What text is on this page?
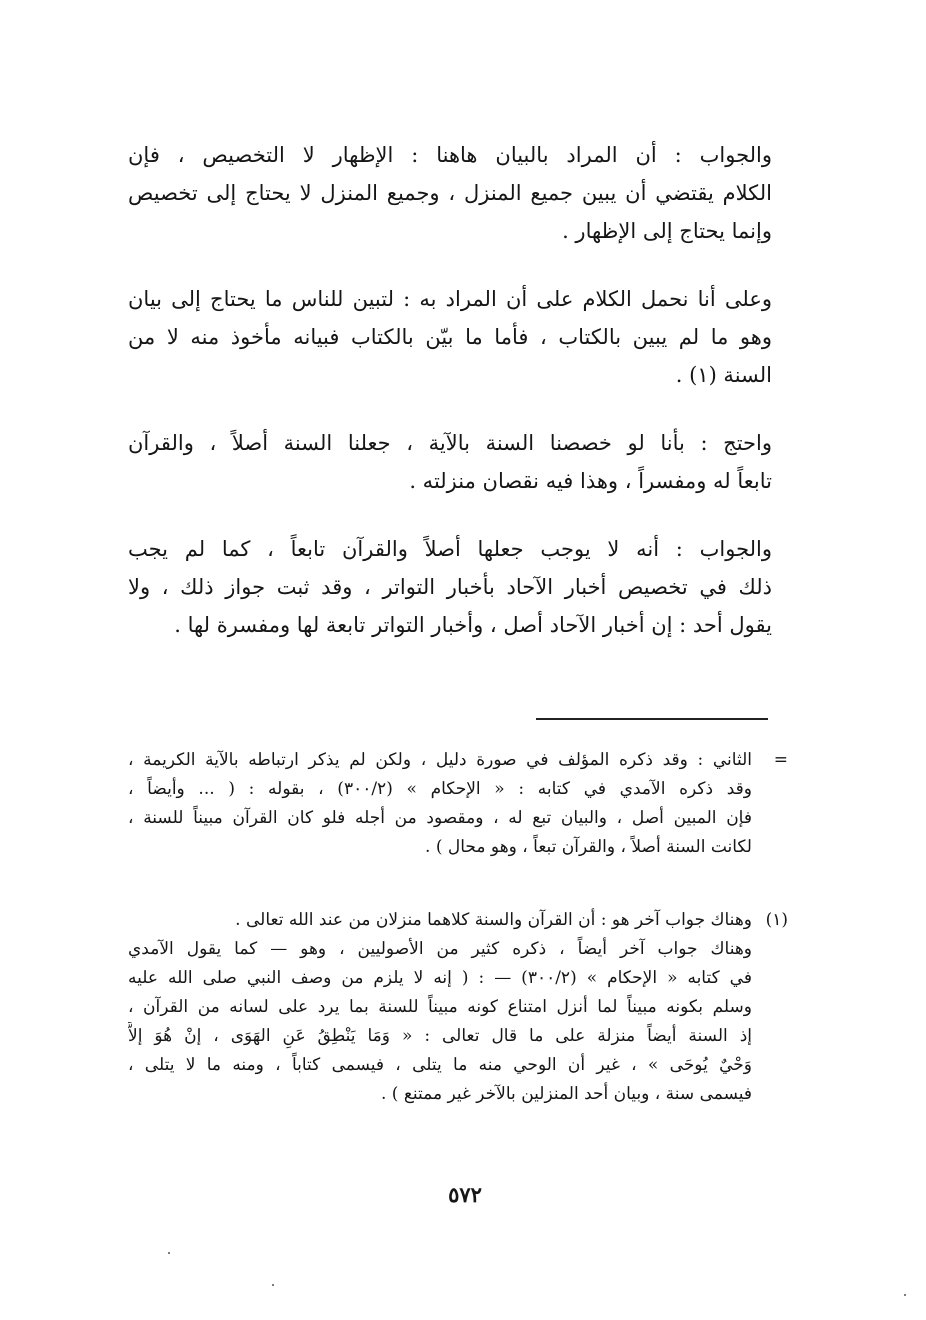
والجواب : أن المراد بالبيان هاهنا : الإظهار لا التخصيص ، فإن
الكلام يقتضي أن يبين جميع المنزل ، وجميع المنزل لا يحتاج إلى تخصيص
وإنما يحتاج إلى الإظهار .
وعلى أنا نحمل الكلام على أن المراد به : لتبين للناس ما يحتاج إلى بيان
وهو ما لم يبين بالكتاب ، فأما ما بيّن بالكتاب فبيانه مأخوذ منه لا من
السنة (١) .
واحتج : بأنا لو خصصنا السنة بالآية ، جعلنا السنة أصلاً ، والقرآن
تابعاً له ومفسراً ، وهذا فيه نقصان منزلته .
والجواب : أنه لا يوجب جعلها أصلاً والقرآن تابعاً ، كما لم يجب
ذلك في تخصيص أخبار الآحاد بأخبار التواتر ، وقد ثبت جواز ذلك ، ولا
يقول أحد : إن أخبار الآحاد أصل ، وأخبار التواتر تابعة لها ومفسرة لها .
=
الثاني : وقد ذكره المؤلف في صورة دليل ، ولكن لم يذكر ارتباطه بالآية الكريمة ،
وقد ذكره الآمدي في كتابه : « الإحكام » (٣٠٠/٢) ، بقوله : ( ... وأيضاً ،
فإن المبين أصل ، والبيان تبع له ، ومقصود من أجله فلو كان القرآن مبيناً للسنة ،
لكانت السنة أصلاً ، والقرآن تبعاً ، وهو محال ) .
(١)
وهناك جواب آخر هو : أن القرآن والسنة كلاهما منزلان من عند الله تعالى .
وهناك جواب آخر أيضاً ، ذكره كثير من الأصوليين ، وهو — كما يقول الآمدي
في كتابه « الإحكام » (٣٠٠/٢) — : ( إنه لا يلزم من وصف النبي صلى الله عليه
وسلم بكونه مبيناً لما أنزل امتناع كونه مبيناً للسنة بما يرد على لسانه من القرآن ،
إذ السنة أيضاً منزلة على ما قال تعالى : « وَمَا يَنْطِقُ عَنِ الهَوَى ، إنْ هُوَ إلاَّ
وَحْيٌ يُوحَى » ، غير أن الوحي منه ما يتلى ، فيسمى كتاباً ، ومنه ما لا يتلى ،
فيسمى سنة ، وبيان أحد المنزلين بالآخر غير ممتنع ) .
٥٧٢
